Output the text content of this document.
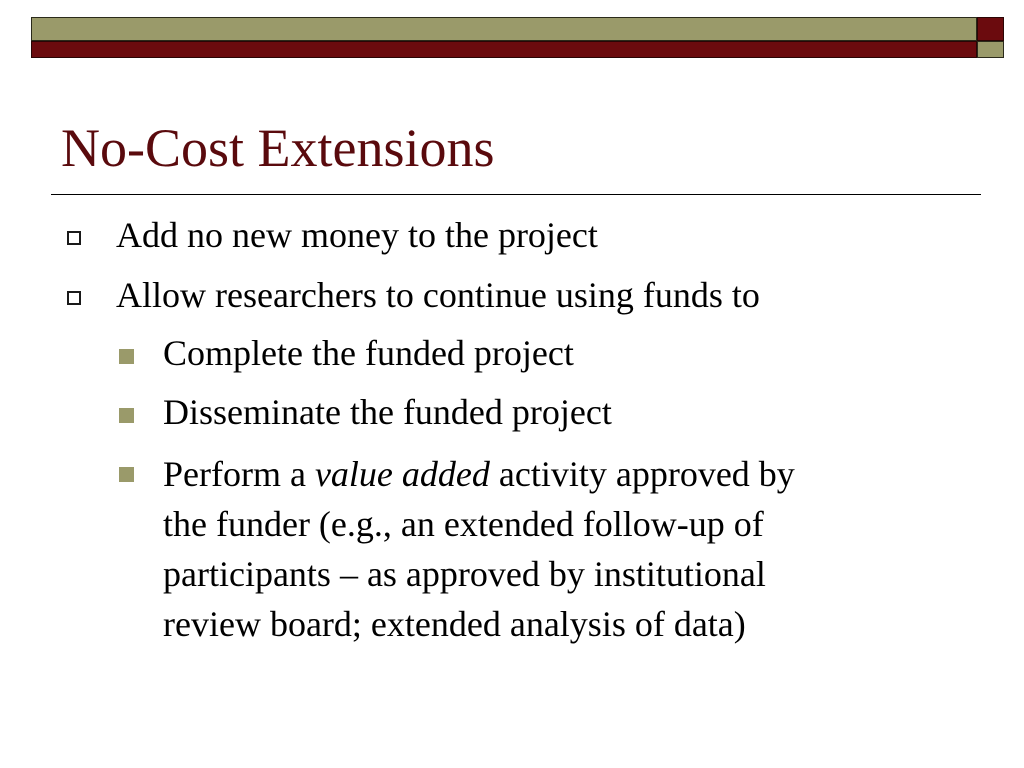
No-Cost Extensions
Add no new money to the project
Allow researchers to continue using funds to
Complete the funded project
Disseminate the funded project
Perform a value added activity approved by
the funder (e.g., an extended follow-up of
participants – as approved by institutional
review board; extended analysis of data)
